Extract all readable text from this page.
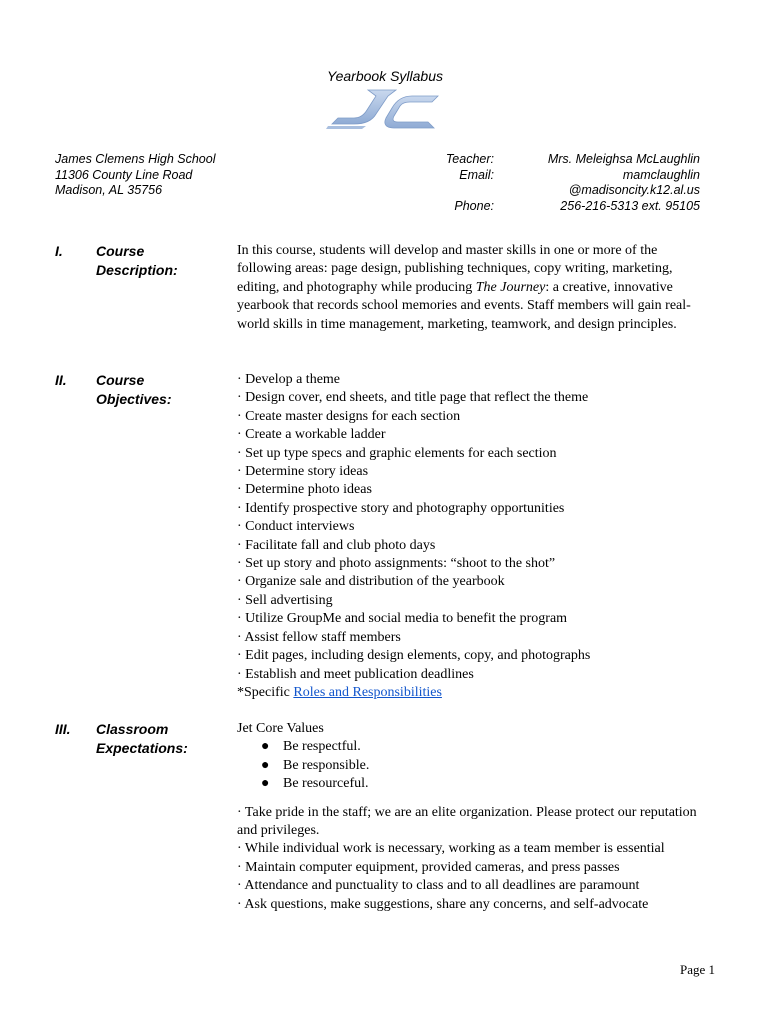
Yearbook Syllabus
James Clemens High School
11306 County Line Road
Madison, AL 35756
Teacher:
Email:
Phone:
Mrs. Meleighsa McLaughlin
mamclaughlin
@madisoncity.k12.al.us
256-216-5313 ext. 95105
I. Course
Description:

In this course, students will develop and master skills in one or more of the following areas: page design, publishing techniques, copy writing, marketing, editing, and photography while producing The Journey: a creative, innovative yearbook that records school memories and events. Staff members will gain real-world skills in time management, marketing, teamwork, and design principles.

II. Course
Objectives:
· Develop a theme
· Design cover, end sheets, and title page that reflect the theme
· Create master designs for each section
· Create a workable ladder
· Set up type specs and graphic elements for each section
· Determine story ideas
· Determine photo ideas
· Identify prospective story and photography opportunities
· Conduct interviews
· Facilitate fall and club photo days
· Set up story and photo assignments: “shoot to the shot”
· Organize sale and distribution of the yearbook
· Sell advertising
· Utilize GroupMe and social media to benefit the program
· Assist fellow staff members
· Edit pages, including design elements, copy, and photographs
· Establish and meet publication deadlines
*Specific Roles and Responsibilities
III. Classroom
Expectations:
Jet Core Values
● Be respectful.
● Be responsible.
● Be resourceful.
· Take pride in the staff; we are an elite organization. Please protect our reputation and privileges.
· While individual work is necessary, working as a team member is essential
· Maintain computer equipment, provided cameras, and press passes
· Attendance and punctuality to class and to all deadlines are paramount
· Ask questions, make suggestions, share any concerns, and self-advocate
Page 1
